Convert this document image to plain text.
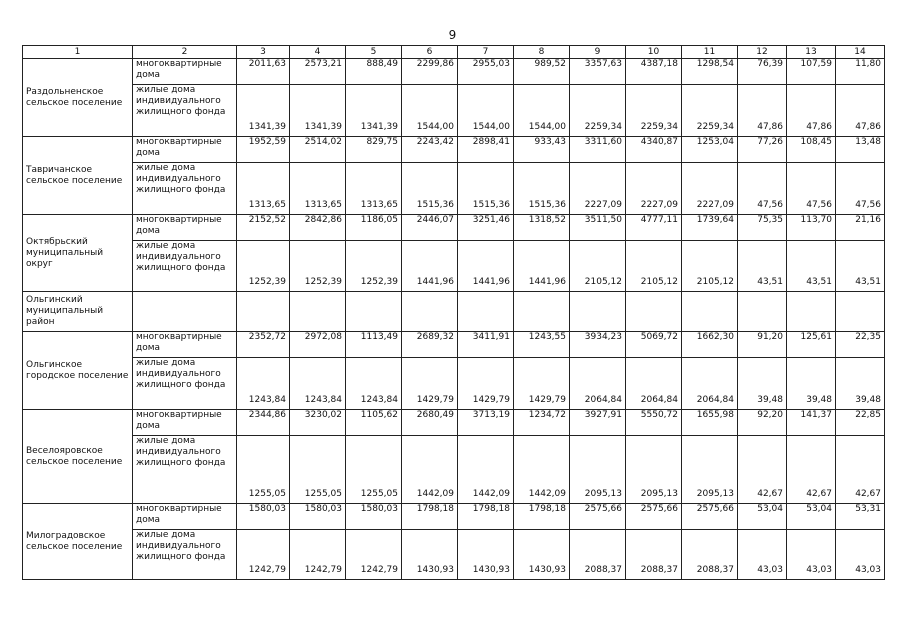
9
1	2	3	4	5	6	7	8	9	10	11	12	13	14
Раздольненское сельское поселение	многоквартирные дома	2011,63	2573,21	888,49	2299,86	2955,03	989,52	3357,63	4387,18	1298,54	76,39	107,59	11,80
	жилые дома индивидуального жилищного фонда	1341,39	1341,39	1341,39	1544,00	1544,00	1544,00	2259,34	2259,34	2259,34	47,86	47,86	47,86
Тавричанское сельское поселение	многоквартирные дома	1952,59	2514,02	829,75	2243,42	2898,41	933,43	3311,60	4340,87	1253,04	77,26	108,45	13,48
	жилые дома индивидуального жилищного фонда	1313,65	1313,65	1313,65	1515,36	1515,36	1515,36	2227,09	2227,09	2227,09	47,56	47,56	47,56
Октябрьский муниципальный округ	многоквартирные дома	2152,52	2842,86	1186,05	2446,07	3251,46	1318,52	3511,50	4777,11	1739,64	75,35	113,70	21,16
	жилые дома индивидуального жилищного фонда	1252,39	1252,39	1252,39	1441,96	1441,96	1441,96	2105,12	2105,12	2105,12	43,51	43,51	43,51
Ольгинский муниципальный район													
Ольгинское городское поселение	многоквартирные дома	2352,72	2972,08	1113,49	2689,32	3411,91	1243,55	3934,23	5069,72	1662,30	91,20	125,61	22,35
	жилые дома индивидуального жилищного фонда	1243,84	1243,84	1243,84	1429,79	1429,79	1429,79	2064,84	2064,84	2064,84	39,48	39,48	39,48
Веселояровское сельское поселение	многоквартирные дома	2344,86	3230,02	1105,62	2680,49	3713,19	1234,72	3927,91	5550,72	1655,98	92,20	141,37	22,85
	жилые дома индивидуального жилищного фонда	1255,05	1255,05	1255,05	1442,09	1442,09	1442,09	2095,13	2095,13	2095,13	42,67	42,67	42,67
Милоградовское сельское поселение	многоквартирные дома	1580,03	1580,03	1580,03	1798,18	1798,18	1798,18	2575,66	2575,66	2575,66	53,04	53,04	53,31
	жилые дома индивидуального жилищного фонда	1242,79	1242,79	1242,79	1430,93	1430,93	1430,93	2088,37	2088,37	2088,37	43,03	43,03	43,03
